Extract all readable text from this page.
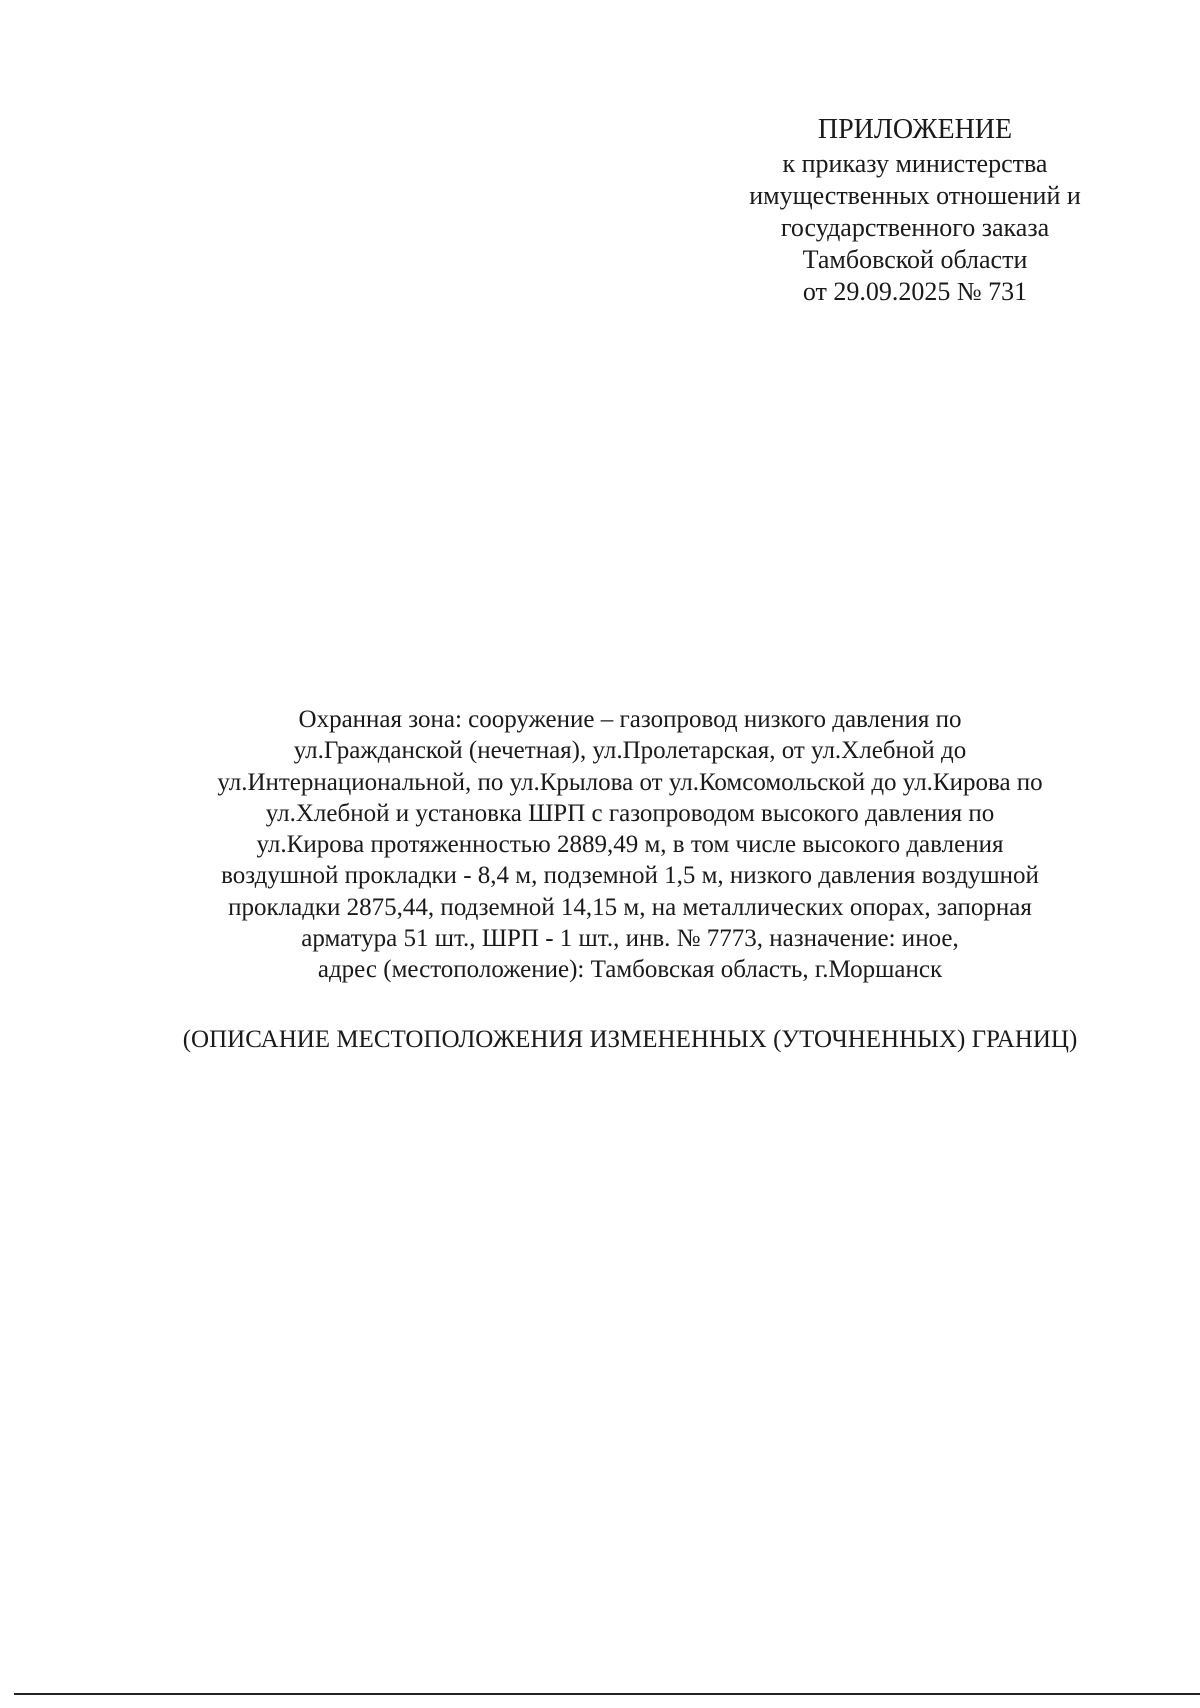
ПРИЛОЖЕНИЕ
к приказу министерства
имущественных отношений и
государственного заказа
Тамбовской области
от 29.09.2025 № 731
Охранная зона: сооружение – газопровод низкого давления по
ул.Гражданской (нечетная), ул.Пролетарская, от ул.Хлебной до
ул.Интернациональной, по ул.Крылова от ул.Комсомольской до ул.Кирова по
ул.Хлебной и установка ШРП с газопроводом высокого давления по
ул.Кирова протяженностью 2889,49 м, в том числе высокого давления
воздушной прокладки - 8,4 м, подземной 1,5 м, низкого давления воздушной
прокладки 2875,44, подземной 14,15 м, на металлических опорах, запорная
арматура 51 шт., ШРП - 1 шт., инв. № 7773, назначение: иное,
адрес (местоположение): Тамбовская область, г.Моршанск
(ОПИСАНИЕ МЕСТОПОЛОЖЕНИЯ ИЗМЕНЕННЫХ (УТОЧНЕННЫХ) ГРАНИЦ)
